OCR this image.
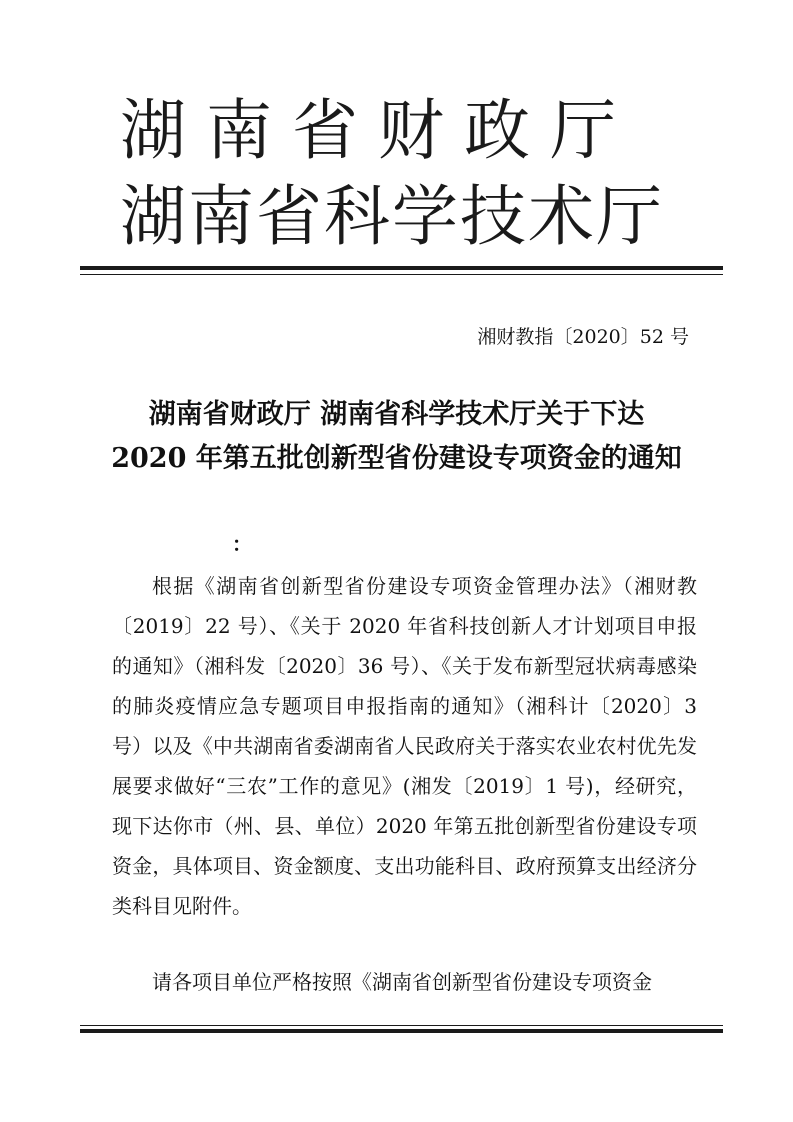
湖南省财政厅
湖南省科学技术厅

湘财教指〔2020〕52 号

湖南省财政厅 湖南省科学技术厅关于下达
2020 年第五批创新型省份建设专项资金的通知

：

根据《湖南省创新型省份建设专项资金管理办法》（湘财教〔2019〕22 号）、《关于 2020 年省科技创新人才计划项目申报的通知》（湘科发〔2020〕36 号）、《关于发布新型冠状病毒感染的肺炎疫情应急专题项目申报指南的通知》（湘科计〔2020〕3 号）以及《中共湖南省委湖南省人民政府关于落实农业农村优先发展要求做好“三农”工作的意见》(湘发〔2019〕1 号)，经研究，现下达你市（州、县、单位）2020 年第五批创新型省份建设专项资金，具体项目、资金额度、支出功能科目、政府预算支出经济分类科目见附件。

请各项目单位严格按照《湖南省创新型省份建设专项资金
